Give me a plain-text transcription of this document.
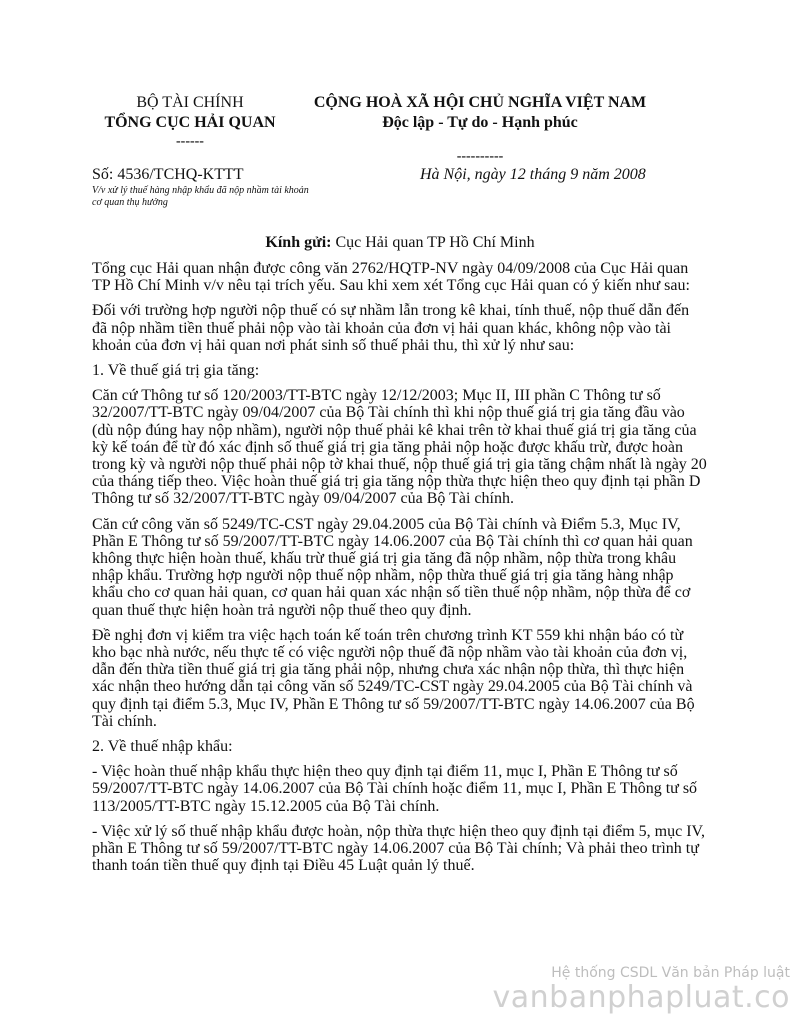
BỘ TÀI CHÍNH
TỔNG CỤC HẢI QUAN
------
CỘNG HOÀ XÃ HỘI CHỦ NGHĨA VIỆT NAM
Độc lập - Tự do - Hạnh phúc
----------
Số: 4536/TCHQ-KTTT
V/v xử lý thuế hàng nhập khẩu đã nộp nhầm tài khoản cơ quan thụ hưởng
Hà Nội, ngày 12 tháng 9 năm 2008
Kính gửi: Cục Hải quan TP Hồ Chí Minh

Tổng cục Hải quan nhận được công văn 2762/HQTP-NV ngày 04/09/2008 của Cục Hải quan TP Hồ Chí Minh v/v nêu tại trích yếu. Sau khi xem xét Tổng cục Hải quan có ý kiến như sau:

Đối với trường hợp người nộp thuế có sự nhầm lẫn trong kê khai, tính thuế, nộp thuế dẫn đến đã nộp nhầm tiền thuế phải nộp vào tài khoản của đơn vị hải quan khác, không nộp vào tài khoản của đơn vị hải quan nơi phát sinh số thuế phải thu, thì xử lý như sau:

1. Về thuế giá trị gia tăng:

Căn cứ Thông tư số 120/2003/TT-BTC ngày 12/12/2003; Mục II, III phần C Thông tư số 32/2007/TT-BTC ngày 09/04/2007 của Bộ Tài chính thì khi nộp thuế giá trị gia tăng đầu vào (dù nộp đúng hay nộp nhầm), người nộp thuế phải kê khai trên tờ khai thuế giá trị gia tăng của kỳ kế toán để từ đó xác định số thuế giá trị gia tăng phải nộp hoặc được khấu trừ, được hoàn trong kỳ và người nộp thuế phải nộp tờ khai thuế, nộp thuế giá trị gia tăng chậm nhất là ngày 20 của tháng tiếp theo. Việc hoàn thuế giá trị gia tăng nộp thừa thực hiện theo quy định tại phần D Thông tư số 32/2007/TT-BTC ngày 09/04/2007 của Bộ Tài chính.

Căn cứ công văn số 5249/TC-CST ngày 29.04.2005 của Bộ Tài chính và Điểm 5.3, Mục IV, Phần E Thông tư số 59/2007/TT-BTC ngày 14.06.2007 của Bộ Tài chính thì cơ quan hải quan không thực hiện hoàn thuế, khấu trừ thuế giá trị gia tăng đã nộp nhầm, nộp thừa trong khâu nhập khẩu. Trường hợp người nộp thuế nộp nhầm, nộp thừa thuế giá trị gia tăng hàng nhập khẩu cho cơ quan hải quan, cơ quan hải quan xác nhận số tiền thuế nộp nhầm, nộp thừa để cơ quan thuế thực hiện hoàn trả người nộp thuế theo quy định.

Đề nghị đơn vị kiểm tra việc hạch toán kế toán trên chương trình KT 559 khi nhận báo có từ kho bạc nhà nước, nếu thực tế có việc người nộp thuế đã nộp nhầm vào tài khoản của đơn vị, dẫn đến thừa tiền thuế giá trị gia tăng phải nộp, nhưng chưa xác nhận nộp thừa, thì thực hiện xác nhận theo hướng dẫn tại công văn số 5249/TC-CST ngày 29.04.2005 của Bộ Tài chính và quy định tại điểm 5.3, Mục IV, Phần E Thông tư số 59/2007/TT-BTC ngày 14.06.2007 của Bộ Tài chính.

2. Về thuế nhập khẩu:

- Việc hoàn thuế nhập khẩu thực hiện theo quy định tại điểm 11, mục I, Phần E Thông tư số 59/2007/TT-BTC ngày 14.06.2007 của Bộ Tài chính hoặc điểm 11, mục I, Phần E Thông tư số 113/2005/TT-BTC ngày 15.12.2005 của Bộ Tài chính.

- Việc xử lý số thuế nhập khẩu được hoàn, nộp thừa thực hiện theo quy định tại điểm 5, mục IV, phần E Thông tư số 59/2007/TT-BTC ngày 14.06.2007 của Bộ Tài chính; Và phải theo trình tự thanh toán tiền thuế quy định tại Điều 45 Luật quản lý thuế.

Hệ thống CSDL Văn bản Pháp luật
vanbanphapluat.co
